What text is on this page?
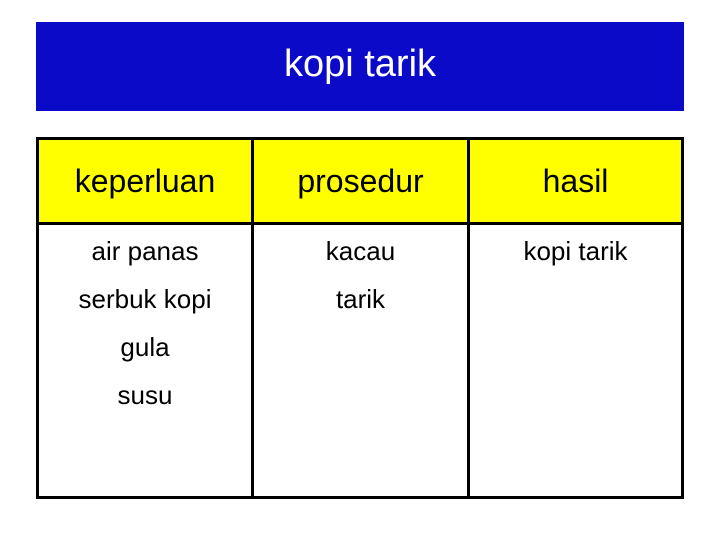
kopi tarik
keperluan	prosedur	hasil
air panas
serbuk kopi
gula
susu
kacau
tarik
kopi tarik
